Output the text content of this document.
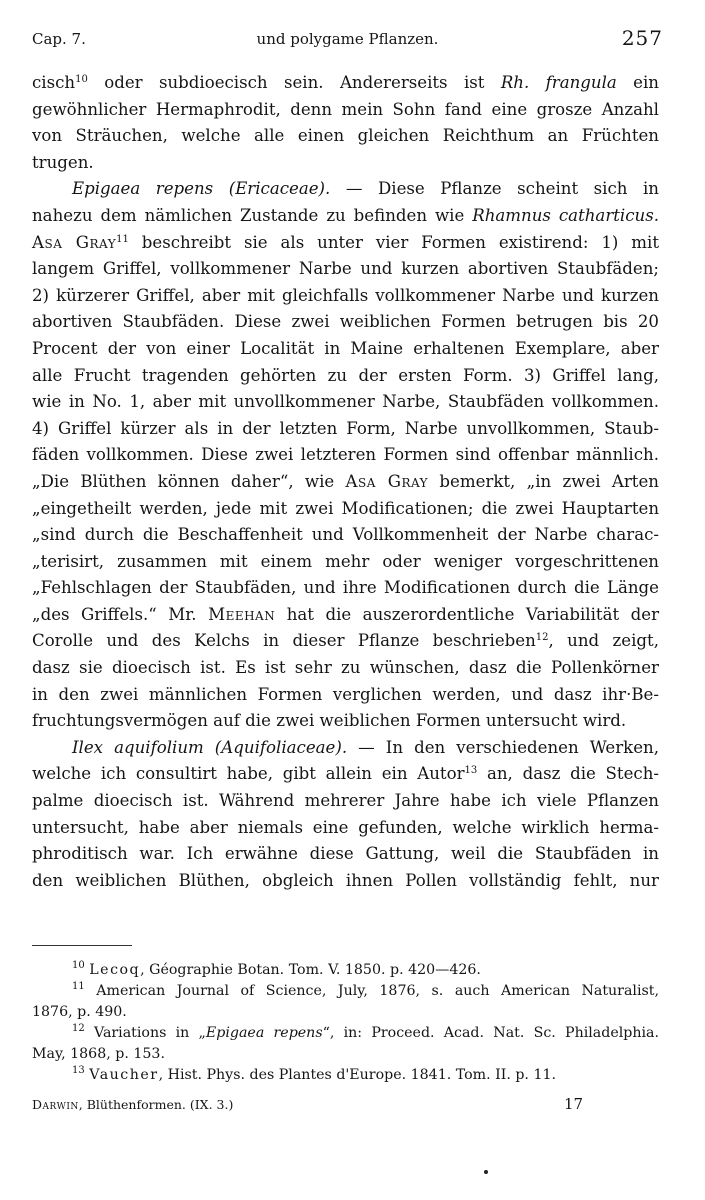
Cap. 7.	und polygame Pflanzen.	257
cisch$^{10}$ oder subdioecisch sein. Andererseits ist Rh. frangula ein
gewöhnlicher Hermaphrodit, denn mein Sohn fand eine grosze Anzahl
von Sträuchen, welche alle einen gleichen Reichthum an Früchten
trugen.
Epigaea repens (Ericaceae). — Diese Pflanze scheint sich in
nahezu dem nämlichen Zustande zu befinden wie Rhamnus catharticus.
Asa Gray$^{11}$ beschreibt sie als unter vier Formen existirend: 1) mit
langem Griffel, vollkommener Narbe und kurzen abortiven Staubfäden;
2) kürzerer Griffel, aber mit gleichfalls vollkommener Narbe und kurzen
abortiven Staubfäden. Diese zwei weiblichen Formen betrugen bis 20
Procent der von einer Localität in Maine erhaltenen Exemplare, aber
alle Frucht tragenden gehörten zu der ersten Form. 3) Griffel lang,
wie in No. 1, aber mit unvollkommener Narbe, Staubfäden vollkommen.
4) Griffel kürzer als in der letzten Form, Narbe unvollkommen, Staub-
fäden vollkommen. Diese zwei letzteren Formen sind offenbar männlich.
„Die Blüthen können daher“, wie Asa Gray bemerkt, „in zwei Arten
„eingetheilt werden, jede mit zwei Modificationen; die zwei Hauptarten
„sind durch die Beschaffenheit und Vollkommenheit der Narbe charac-
„terisirt, zusammen mit einem mehr oder weniger vorgeschrittenen
„Fehlschlagen der Staubfäden, und ihre Modificationen durch die Länge
„des Griffels.“ Mr. Meehan hat die auszerordentliche Variabilität der
Corolle und des Kelchs in dieser Pflanze beschrieben$^{12}$, und zeigt,
dasz sie dioecisch ist. Es ist sehr zu wünschen, dasz die Pollenkörner
in den zwei männlichen Formen verglichen werden, und dasz ihr·Be-
fruchtungsvermögen auf die zwei weiblichen Formen untersucht wird.
Ilex aquifolium (Aquifoliaceae). — In den verschiedenen Werken,
welche ich consultirt habe, gibt allein ein Autor$^{13}$ an, dasz die Stech-
palme dioecisch ist. Während mehrerer Jahre habe ich viele Pflanzen
untersucht, habe aber niemals eine gefunden, welche wirklich herma-
phroditisch war. Ich erwähne diese Gattung, weil die Staubfäden in
den weiblichen Blüthen, obgleich ihnen Pollen vollständig fehlt, nur
$^{10}$ Lecoq, Géographie Botan. Tom. V. 1850. p. 420—426.
$^{11}$ American Journal of Science, July, 1876, s. auch American Naturalist,
1876, p. 490.
$^{12}$ Variations in „Epigaea repens“, in: Proceed. Acad. Nat. Sc. Philadelphia.
May, 1868, p. 153.
$^{13}$ Vaucher, Hist. Phys. des Plantes d'Europe. 1841. Tom. II. p. 11.
Darwin, Blüthenformen. (IX. 3.)	17
